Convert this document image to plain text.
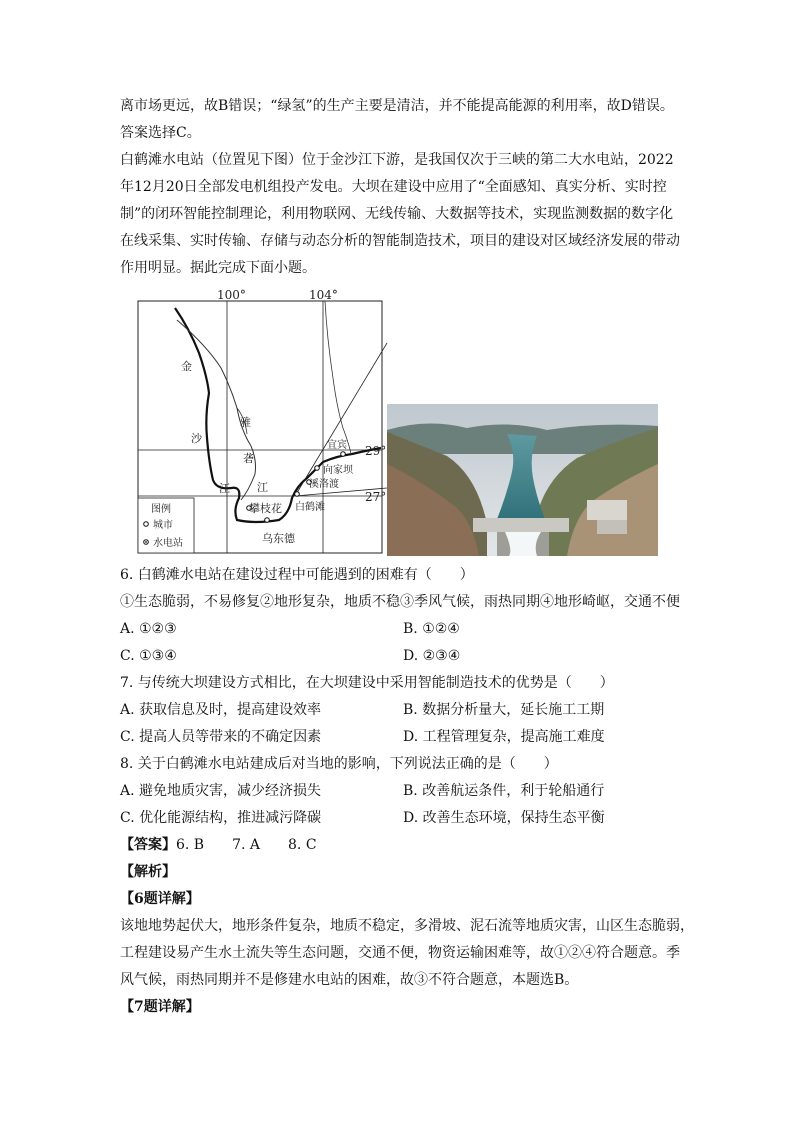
离市场更远，故B错误；“绿氢”的生产主要是清洁，并不能提高能源的利用率，故D错误。
答案选择C。
白鹤滩水电站（位置见下图）位于金沙江下游，是我国仅次于三峡的第二大水电站，2022
年12月20日全部发电机组投产发电。大坝在建设中应用了“全面感知、真实分析、实时控
制”的闭环智能控制理论，利用物联网、无线传输、大数据等技术，实现监测数据的数字化
在线采集、实时传输、存储与动态分析的智能制造技术，项目的建设对区域经济发展的带动
作用明显。据此完成下面小题。
100°	104°
29°
27°
金
沙
江
雅
砻
江
宜宾
向家坝
溪洛渡
白鹤滩
攀枝花
乌东德
图例
城市
水电站
6. 白鹤滩水电站在建设过程中可能遇到的困难有（　　）
①生态脆弱，不易修复②地形复杂，地质不稳③季风气候，雨热同期④地形崎岖，交通不便
A. ①②③	B. ①②④
C. ①③④	D. ②③④
7. 与传统大坝建设方式相比，在大坝建设中采用智能制造技术的优势是（　　）
A. 获取信息及时，提高建设效率	B. 数据分析量大，延长施工工期
C. 提高人员等带来的不确定因素	D. 工程管理复杂，提高施工难度
8. 关于白鹤滩水电站建成后对当地的影响，下列说法正确的是（　　）
A. 避免地质灾害，减少经济损失	B. 改善航运条件，利于轮船通行
C. 优化能源结构，推进减污降碳	D. 改善生态环境，保持生态平衡
【答案】6. B　　7. A　　8. C
【解析】
【6题详解】
该地地势起伏大，地形条件复杂，地质不稳定，多滑坡、泥石流等地质灾害，山区生态脆弱，
工程建设易产生水土流失等生态问题，交通不便，物资运输困难等，故①②④符合题意。季
风气候，雨热同期并不是修建水电站的困难，故③不符合题意，本题选B。
【7题详解】
